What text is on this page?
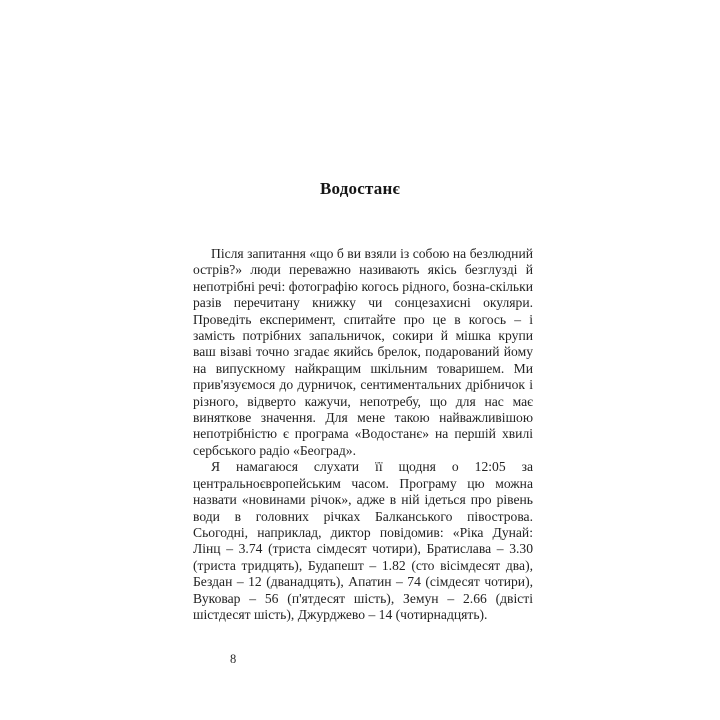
Водостанє

Після запитання «що б ви взяли із собою на безлюдний острів?» люди переважно називають якісь безглузді й непотрібні речі: фотографію когось рідного, бозна-скільки разів перечитану книжку чи сонцезахисні окуляри. Проведіть експеримент, спитайте про це в когось – і замість потрібних запальничок, сокири й мішка крупи ваш візаві точно згадає якийсь брелок, подарований йому на випускному найкращим шкільним товаришем. Ми прив'язуємося до дурничок, сентиментальних дрібничок і різного, відверто кажучи, непотребу, що для нас має виняткове значення. Для мене такою найважливішою непотрібністю є програма «Водостанє» на першій хвилі сербського радіо «Београд».

Я намагаюся слухати її щодня о 12:05 за центральноєвропейським часом. Програму цю можна назвати «новинами річок», адже в ній ідеться про рівень води в головних річках Балканського півострова. Сьогодні, наприклад, диктор повідомив: «Ріка Дунай: Лінц – 3.74 (триста сімдесят чотири), Братислава – 3.30 (триста тридцять), Будапешт – 1.82 (сто вісімдесят два), Бездан – 12 (дванадцять), Апатин – 74 (сімдесят чотири), Вуковар – 56 (п'ятдесят шість), Земун – 2.66 (двісті шістдесят шість), Джурджево – 14 (чотирнадцять).

8
